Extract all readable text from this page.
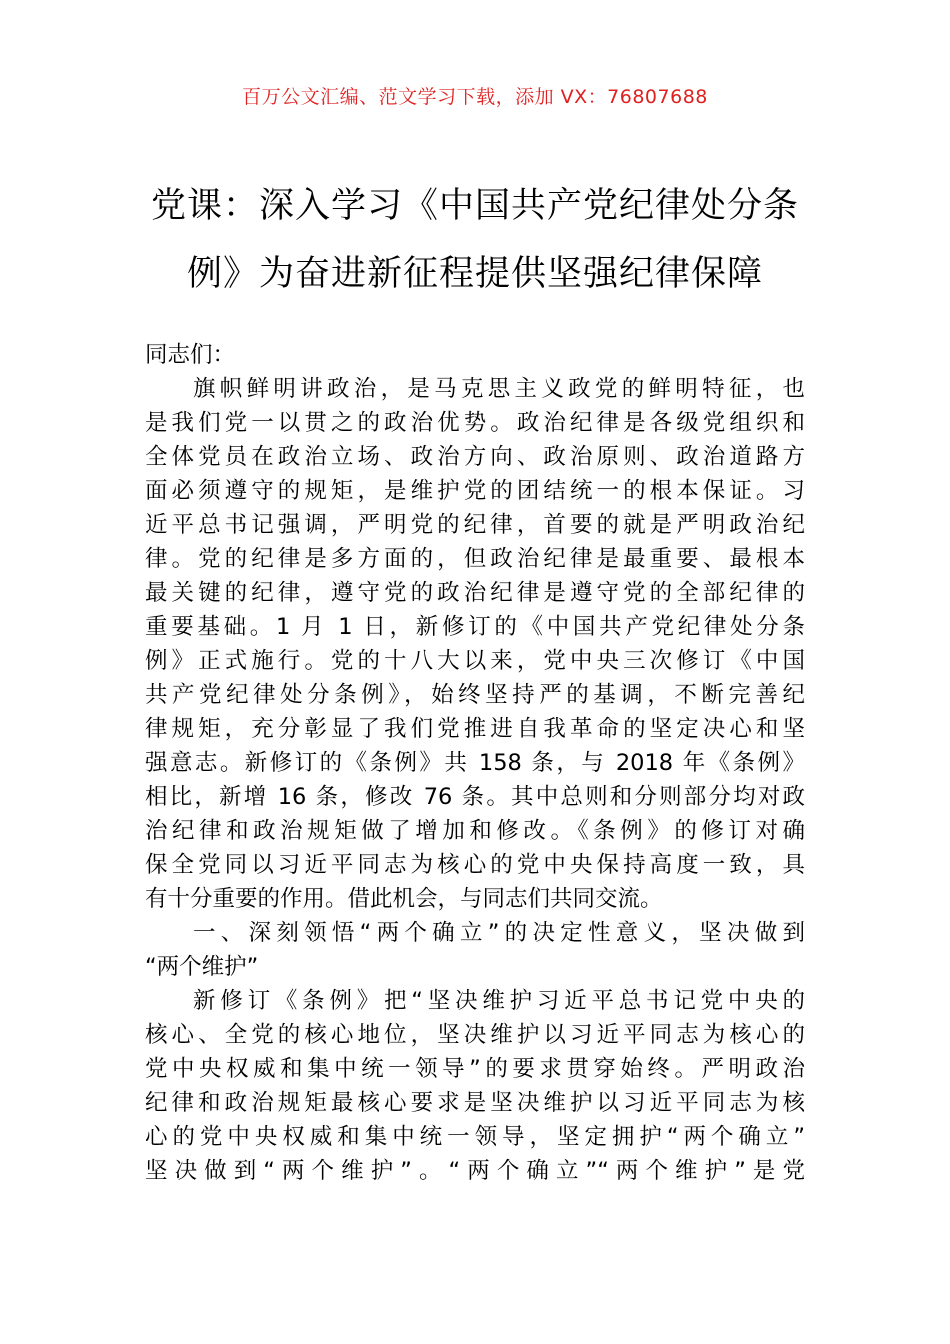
百万公文汇编、范文学习下载，添加 VX：76807688
党课：深入学习《中国共产党纪律处分条
例》为奋进新征程提供坚强纪律保障
同志们：
旗帜鲜明讲政治，是马克思主义政党的鲜明特征，也
是我们党一以贯之的政治优势。政治纪律是各级党组织和
全体党员在政治立场、政治方向、政治原则、政治道路方
面必须遵守的规矩，是维护党的团结统一的根本保证。习
近平总书记强调，严明党的纪律，首要的就是严明政治纪
律。党的纪律是多方面的，但政治纪律是最重要、最根本
最关键的纪律，遵守党的政治纪律是遵守党的全部纪律的
重要基础。1 月 1 日，新修订的《中国共产党纪律处分条
例》正式施行。党的十八大以来，党中央三次修订《中国
共产党纪律处分条例》，始终坚持严的基调，不断完善纪
律规矩，充分彰显了我们党推进自我革命的坚定决心和坚
强意志。新修订的《条例》共 158 条，与 2018 年《条例》
相比，新增 16 条，修改 76 条。其中总则和分则部分均对政
治纪律和政治规矩做了增加和修改。《条例》的修订对确
保全党同以习近平同志为核心的党中央保持高度一致，具
有十分重要的作用。借此机会，与同志们共同交流。
一、深刻领悟“两个确立”的决定性意义，坚决做到
“两个维护”
新修订《条例》把“坚决维护习近平总书记党中央的
核心、全党的核心地位，坚决维护以习近平同志为核心的
党中央权威和集中统一领导”的要求贯穿始终。严明政治
纪律和政治规矩最核心要求是坚决维护以习近平同志为核
心的党中央权威和集中统一领导，坚定拥护“两个确立”
坚决做到“两个维护”。“两个确立”“两个维护”是党
